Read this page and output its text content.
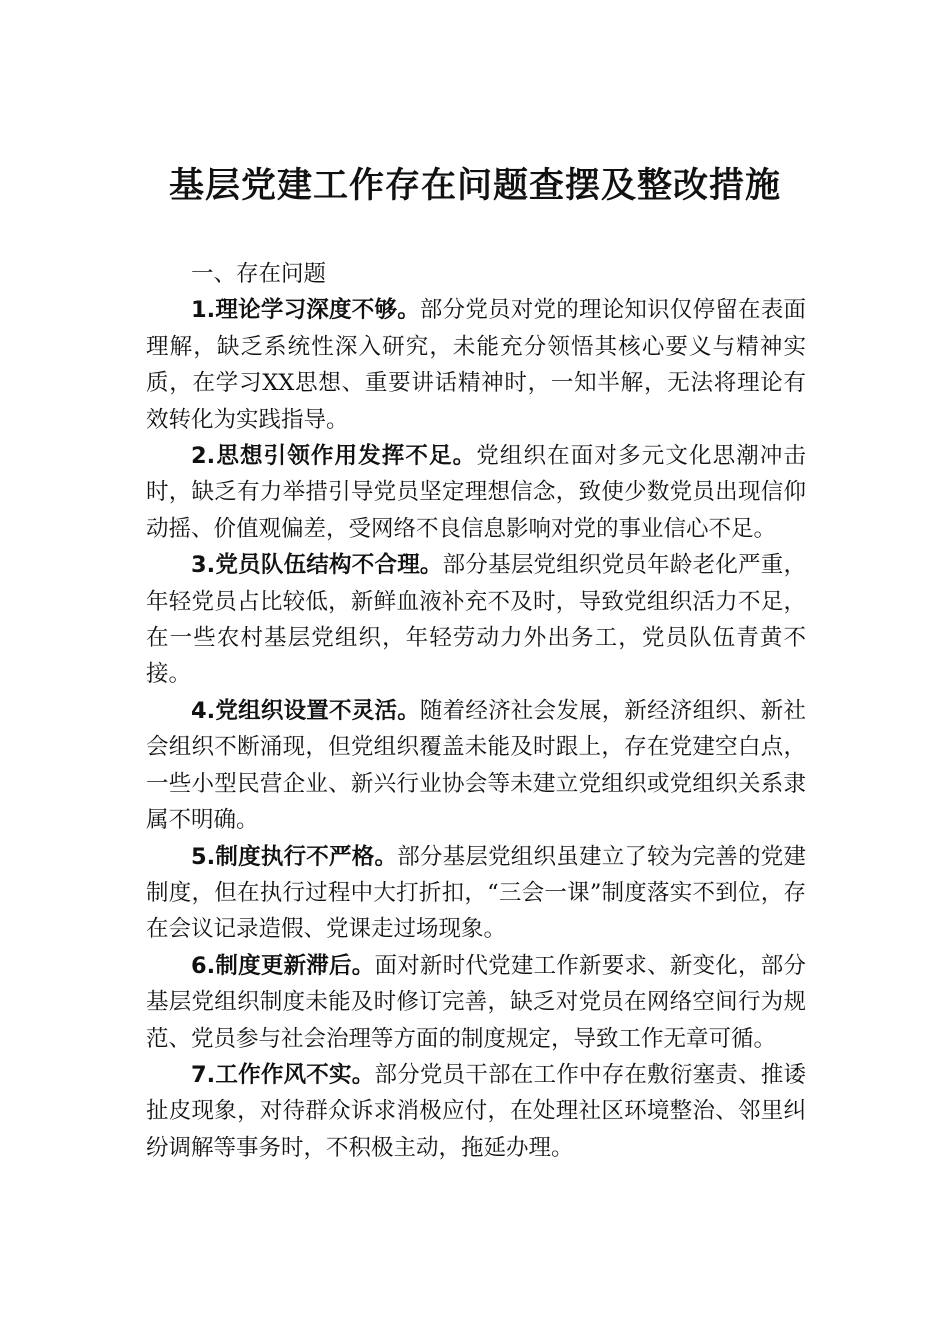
基层党建工作存在问题查摆及整改措施

一、存在问题

1.理论学习深度不够。部分党员对党的理论知识仅停留在表面理解，缺乏系统性深入研究，未能充分领悟其核心要义与精神实质，在学习XX思想、重要讲话精神时，一知半解，无法将理论有效转化为实践指导。

2.思想引领作用发挥不足。党组织在面对多元文化思潮冲击时，缺乏有力举措引导党员坚定理想信念，致使少数党员出现信仰动摇、价值观偏差，受网络不良信息影响对党的事业信心不足。

3.党员队伍结构不合理。部分基层党组织党员年龄老化严重，年轻党员占比较低，新鲜血液补充不及时，导致党组织活力不足，在一些农村基层党组织，年轻劳动力外出务工，党员队伍青黄不接。

4.党组织设置不灵活。随着经济社会发展，新经济组织、新社会组织不断涌现，但党组织覆盖未能及时跟上，存在党建空白点，一些小型民营企业、新兴行业协会等未建立党组织或党组织关系隶属不明确。

5.制度执行不严格。部分基层党组织虽建立了较为完善的党建制度，但在执行过程中大打折扣，“三会一课”制度落实不到位，存在会议记录造假、党课走过场现象。

6.制度更新滞后。面对新时代党建工作新要求、新变化，部分基层党组织制度未能及时修订完善，缺乏对党员在网络空间行为规范、党员参与社会治理等方面的制度规定，导致工作无章可循。

7.工作作风不实。部分党员干部在工作中存在敷衍塞责、推诿扯皮现象，对待群众诉求消极应付，在处理社区环境整治、邻里纠纷调解等事务时，不积极主动，拖延办理。
